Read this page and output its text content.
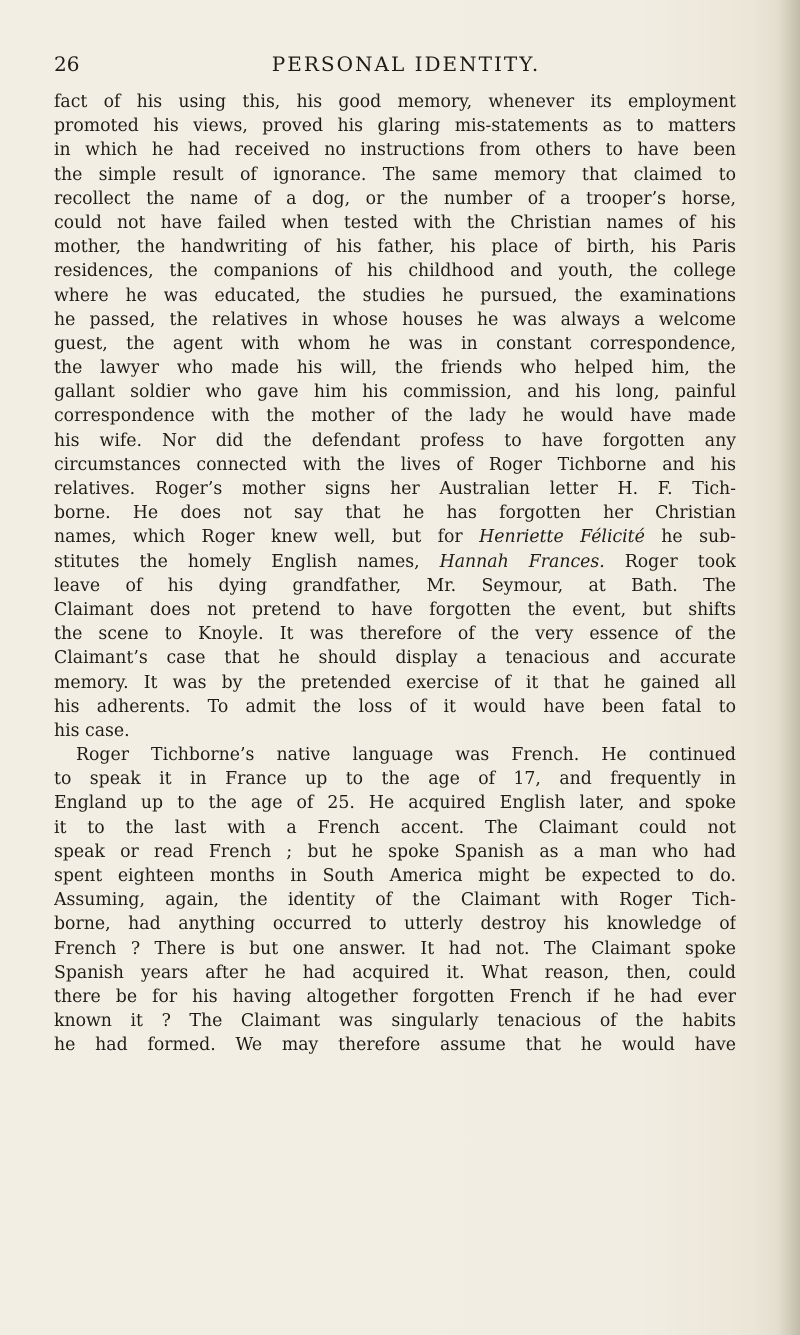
26	PERSONAL IDENTITY.
fact of his using this, his good memory, whenever its employment
promoted his views, proved his glaring mis-statements as to matters
in which he had received no instructions from others to have been
the simple result of ignorance. The same memory that claimed to
recollect the name of a dog, or the number of a trooper’s horse,
could not have failed when tested with the Christian names of his
mother, the handwriting of his father, his place of birth, his Paris
residences, the companions of his childhood and youth, the college
where he was educated, the studies he pursued, the examinations
he passed, the relatives in whose houses he was always a welcome
guest, the agent with whom he was in constant correspondence,
the lawyer who made his will, the friends who helped him, the
gallant soldier who gave him his commission, and his long, painful
correspondence with the mother of the lady he would have made
his wife. Nor did the defendant profess to have forgotten any
circumstances connected with the lives of Roger Tichborne and his
relatives. Roger’s mother signs her Australian letter H. F. Tich-
borne. He does not say that he has forgotten her Christian
names, which Roger knew well, but for Henriette Félicité he sub-
stitutes the homely English names, Hannah Frances. Roger took
leave of his dying grandfather, Mr. Seymour, at Bath. The
Claimant does not pretend to have forgotten the event, but shifts
the scene to Knoyle. It was therefore of the very essence of the
Claimant’s case that he should display a tenacious and accurate
memory. It was by the pretended exercise of it that he gained all
his adherents. To admit the loss of it would have been fatal to
his case.
Roger Tichborne’s native language was French. He continued
to speak it in France up to the age of 17, and frequently in
England up to the age of 25. He acquired English later, and spoke
it to the last with a French accent. The Claimant could not
speak or read French ; but he spoke Spanish as a man who had
spent eighteen months in South America might be expected to do.
Assuming, again, the identity of the Claimant with Roger Tich-
borne, had anything occurred to utterly destroy his knowledge of
French ? There is but one answer. It had not. The Claimant spoke
Spanish years after he had acquired it. What reason, then, could
there be for his having altogether forgotten French if he had ever
known it ? The Claimant was singularly tenacious of the habits
he had formed. We may therefore assume that he would have
